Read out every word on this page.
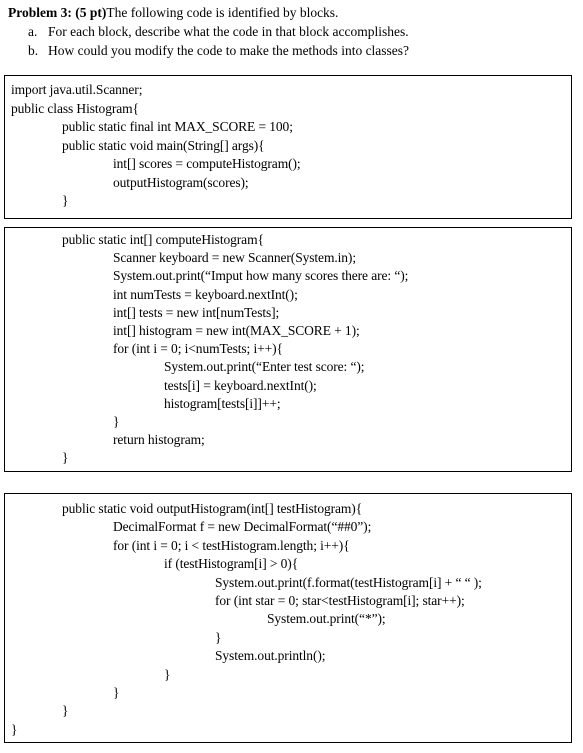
Problem 3: (5 pt)The following code is identified by blocks.
a. For each block, describe what the code in that block accomplishes.
b. How could you modify the code to make the methods into classes?
import java.util.Scanner;
public class Histogram{
public static final int MAX_SCORE = 100;
public static void main(String[] args){
int[] scores = computeHistogram();
outputHistogram(scores);
}
public static int[] computeHistogram{
Scanner keyboard = new Scanner(System.in);
System.out.print(“Imput how many scores there are: “);
int numTests = keyboard.nextInt();
int[] tests = new int[numTests];
int[] histogram = new int(MAX_SCORE + 1);
for (int i = 0; i<numTests; i++){
System.out.print(“Enter test score: “);
tests[i] = keyboard.nextInt();
histogram[tests[i]]++;
}
return histogram;
}
public static void outputHistogram(int[] testHistogram){
DecimalFormat f = new DecimalFormat(“##0”);
for (int i = 0; i < testHistogram.length; i++){
if (testHistogram[i] > 0){
System.out.print(f.format(testHistogram[i] + “ “ );
for (int star = 0; star<testHistogram[i]; star++);
System.out.print(“*”);
}
System.out.println();
}
}
}
}
